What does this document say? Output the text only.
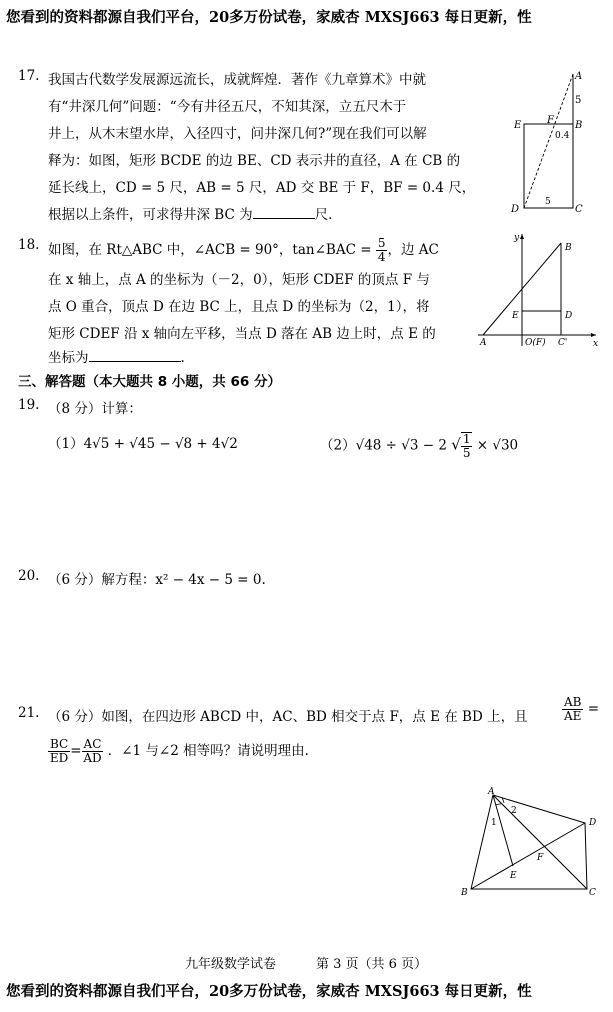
您看到的资料都源自我们平台，20多万份试卷，家威杏 MXSJ663 每日更新，性
17. 我国古代数学发展源远流长，成就辉煌．著作《九章算术》中就
有“井深几何”问题：“今有井径五尺，不知其深，立五尺木于
井上，从木末望水岸，入径四寸，问井深几何?”现在我们可以解
释为：如图，矩形 BCDE 的边 BE、CD 表示井的直径，A 在 CB 的
延长线上，CD = 5 尺，AB = 5 尺，AD 交 BE 于 F，BF = 0.4 尺，
根据以上条件，可求得井深 BC 为	尺.
A
B
C
D
E	F
5
0.4
5
18. 如图，在 Rt△ABC 中，∠ACB = 90°，tan∠BAC = $\frac{5}{4}$ ，边 AC
在 x 轴上，点 A 的坐标为（－2，0），矩形 CDEF 的顶点 F 与
点 O 重合，顶点 D 在边 BC 上，且点 D 的坐标为（2，1），将
矩形 CDEF 沿 x 轴向左平移，当点 D 落在 AB 边上时，点 E 的
坐标为	.
y
x
A
B
C'
D
E
O(F)
三、解答题（本大题共 8 小题，共 66 分）
19. （8 分）计算：
（1）4√5 + √45 − √8 + 4√2	（2）√48 ÷ √3 − 2 √ $\frac{1}{5} \times √30$
20. （6 分）解方程：x² − 4x − 5 = 0.
21. （6 分）如图，在四边形 ABCD 中，AC、BD 相交于点 F，点 E 在 BD 上，且	$\frac{AB}{AE}$ =
$\frac{BC}{ED} = \frac{AC}{AD}$ ．∠1 与∠2 相等吗？请说明理由.
A
D
C
B
E
F
1
2
九年级数学试卷	第 3 页（共 6 页）
您看到的资料都源自我们平台，20多万份试卷，家威杏 MXSJ663 每日更新，性
